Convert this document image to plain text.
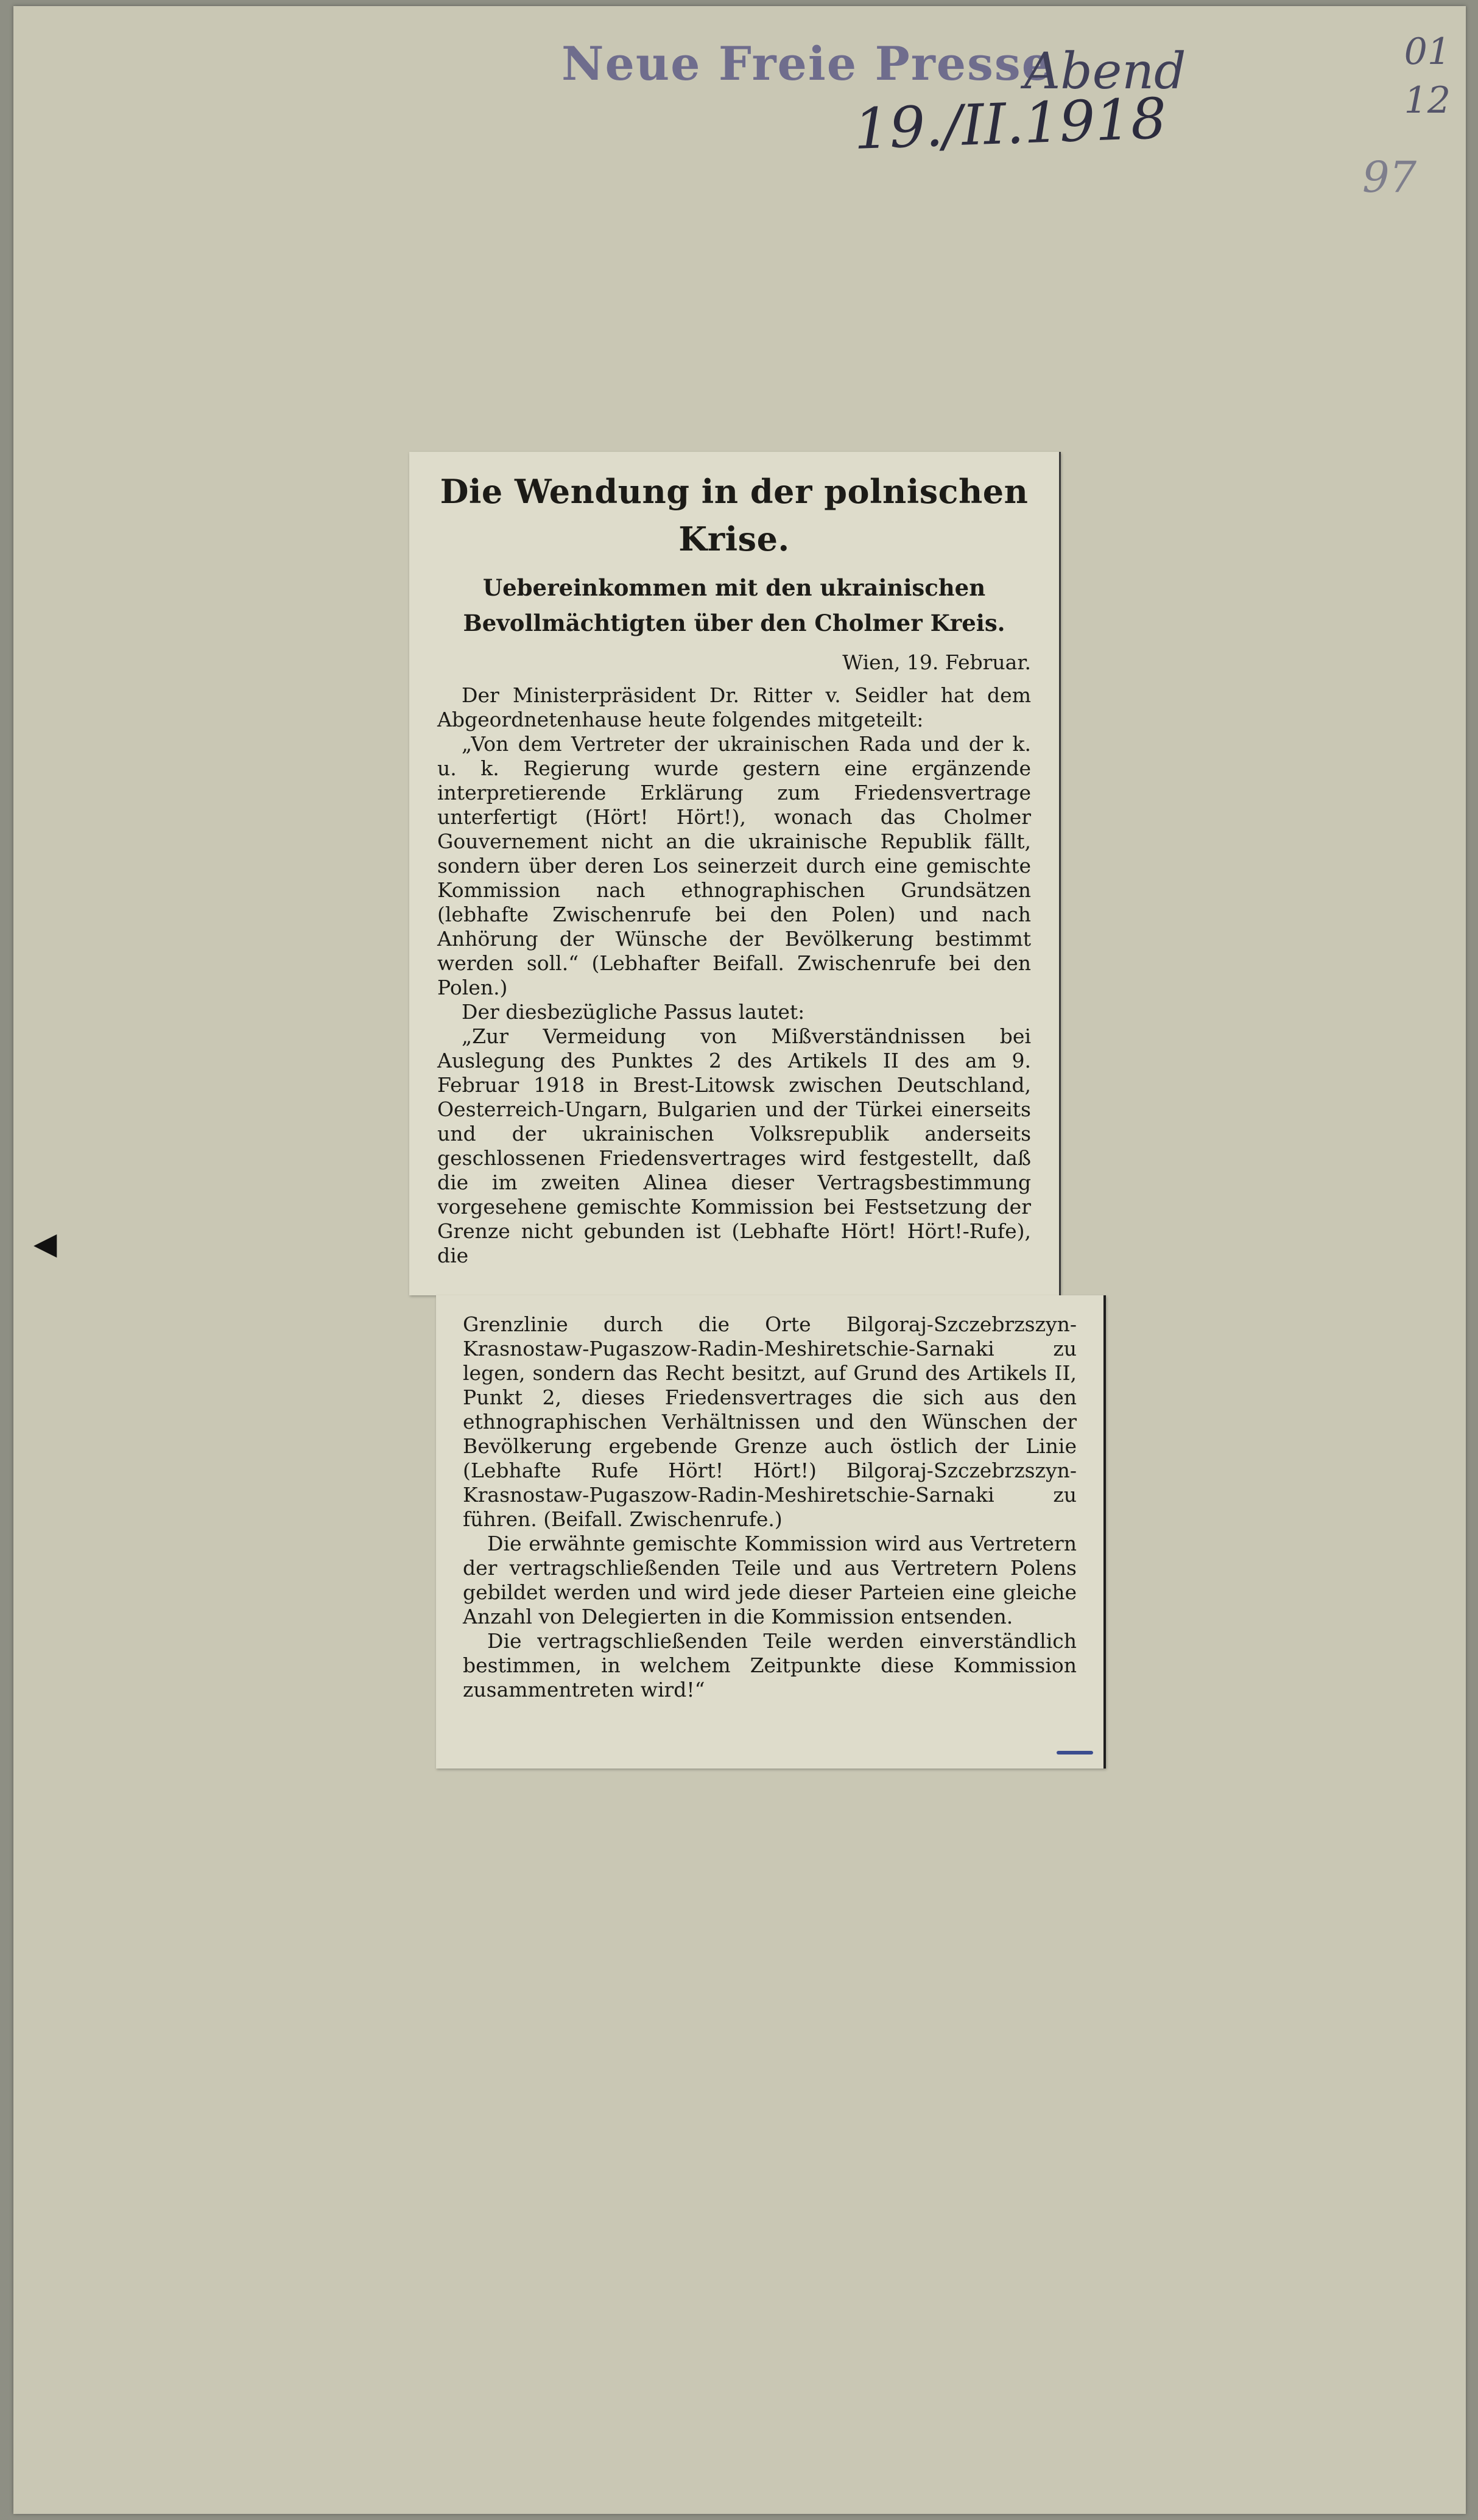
Neue Freie Presse
Abend
19./II.1918
01
12
97
◀
Die Wendung in der polnischen Krise.
Uebereinkommen mit den ukrainischen Bevollmächtigten über den Cholmer Kreis.
Wien, 19. Februar.

Der Ministerpräsident Dr. Ritter v. Seidler hat dem Abgeordnetenhause heute folgendes mitgeteilt:

„Von dem Vertreter der ukrainischen Rada und der k. u. k. Regierung wurde gestern eine ergänzende interpretierende Erklärung zum Friedensvertrage unterfertigt (Hört! Hört!), wonach das Cholmer Gouvernement nicht an die ukrainische Republik fällt, sondern über deren Los seinerzeit durch eine gemischte Kommission nach ethnographischen Grundsätzen (lebhafte Zwischenrufe bei den Polen) und nach Anhörung der Wünsche der Bevölkerung bestimmt werden soll.“ (Lebhafter Beifall. Zwischenrufe bei den Polen.)

Der diesbezügliche Passus lautet:

„Zur Vermeidung von Mißverständnissen bei Auslegung des Punktes 2 des Artikels II des am 9. Februar 1918 in Brest-Litowsk zwischen Deutschland, Oesterreich-Ungarn, Bulgarien und der Türkei einerseits und der ukrainischen Volksrepublik anderseits geschlossenen Friedensvertrages wird festgestellt, daß die im zweiten Alinea dieser Vertragsbestimmung vorgesehene gemischte Kommission bei Festsetzung der Grenze nicht gebunden ist (Lebhafte Hört! Hört!-Rufe), die

Grenzlinie durch die Orte Bilgoraj-Szczebrzszyn-Krasnostaw-Pugaszow-Radin-Meshiretschie-Sarnaki zu legen, sondern das Recht besitzt, auf Grund des Artikels II, Punkt 2, dieses Friedensvertrages die sich aus den ethnographischen Verhältnissen und den Wünschen der Bevölkerung ergebende Grenze auch östlich der Linie (Lebhafte Rufe Hört! Hört!) Bilgoraj-Szczebrzszyn-Krasnostaw-Pugaszow-Radin-Meshiretschie-Sarnaki zu führen. (Beifall. Zwischenrufe.)

Die erwähnte gemischte Kommission wird aus Vertretern der vertragschließenden Teile und aus Vertretern Polens gebildet werden und wird jede dieser Parteien eine gleiche Anzahl von Delegierten in die Kommission entsenden.

Die vertragschließenden Teile werden einverständlich bestimmen, in welchem Zeitpunkte diese Kommission zusammentreten wird!“
